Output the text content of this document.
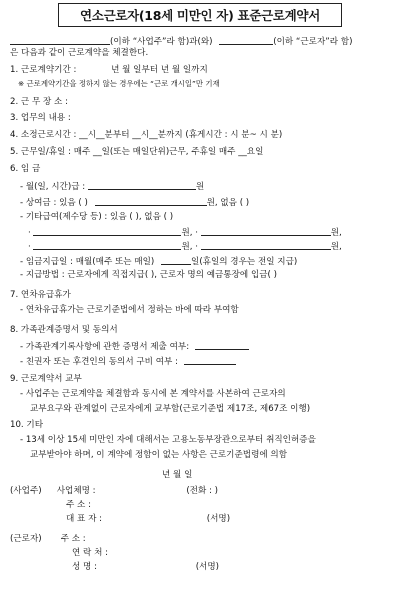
연소근로자(18세 미만인 자) 표준근로계약서
(이하 “사업주”라 함)과(와)	(이하 “근로자”라 함)
은 다음과 같이 근로계약을 체결한다.
1. 근로계약기간 :	년 월 일부터 년 월 일까지
※ 근로계약기간을 정하지 않는 경우에는 “근로 개시일”만 기재
2. 근 무 장 소 :
3. 업무의 내용 :
4. 소정근로시간 : __시__분부터 __시__분까지 (휴게시간 : 시 분~ 시 분)
5. 근무일/휴일 : 매주 __일(또는 매일단위)근무, 주휴일 매주 __요일
6. 임 금
- 월(일, 시간)급 :	원
- 상여금 : 있음 ( )	원, 없음 ( )
- 기타급여(제수당 등) : 있음 ( ), 없음 ( )
·	원, ·	원,
·	원, ·	원,
- 임금지급일 : 매월(매주 또는 매일)	일(휴일의 경우는 전일 지급)
- 지급방법 : 근로자에게 직접지급( ), 근로자 명의 예금통장에 입금( )
7. 연차유급휴가
- 연차유급휴가는 근로기준법에서 정하는 바에 따라 부여함
8. 가족관계증명서 및 동의서
- 가족관계기록사항에 관한 증명서 제출 여부:
- 친권자 또는 후견인의 동의서 구비 여부 :
9. 근로계약서 교부
- 사업주는 근로계약을 체결함과 동시에 본 계약서를 사본하여 근로자의
교부요구와 관계없이 근로자에게 교부함(근로기준법 제17조, 제67조 이행)
10. 기타
- 13세 이상 15세 미만인 자에 대해서는 고용노동부장관으로부터 취직인허증을
교부받아야 하며, 이 계약에 정함이 없는 사항은 근로기준법령에 의함
년 월 일
(사업주) 사업체명 :	(전화 : )
주 소 :
대 표 자 :	(서명)
(근로자) 주 소 :
연 락 처 :
성 명 :	(서명)
